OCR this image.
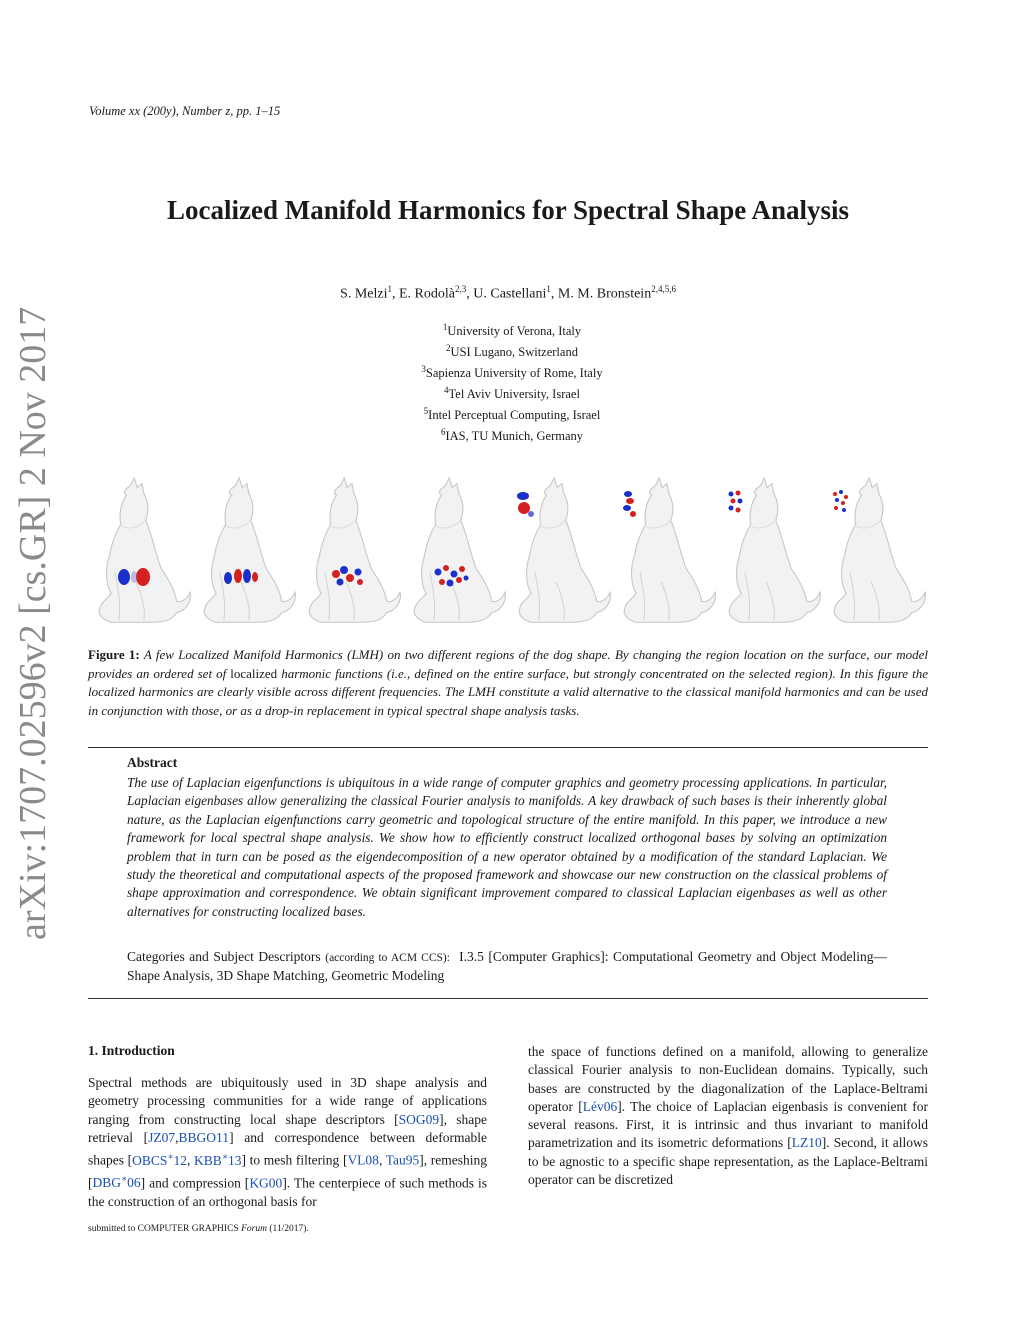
Volume xx (200y), Number z, pp. 1–15
Localized Manifold Harmonics for Spectral Shape Analysis
S. Melzi$^1$, E. Rodolà$^{2,3}$, U. Castellani$^1$, M. M. Bronstein$^{2,4,5,6}$
$^1$University of Verona, Italy
$^2$USI Lugano, Switzerland
$^3$Sapienza University of Rome, Italy
$^4$Tel Aviv University, Israel
$^5$Intel Perceptual Computing, Israel
$^6$IAS, TU Munich, Germany
arXiv:1707.02596v2 [cs.GR] 2 Nov 2017	Figure 1: A few Localized Manifold Harmonics (LMH) on two different regions of the dog shape. By changing the region location on the surface, our model provides an ordered set of localized harmonic functions (i.e., defined on the entire surface, but strongly concentrated on the selected region). In this figure the localized harmonics are clearly visible across different frequencies. The LMH constitute a valid alternative to the classical manifold harmonics and can be used in conjunction with those, or as a drop-in replacement in typical spectral shape analysis tasks.
Abstract
The use of Laplacian eigenfunctions is ubiquitous in a wide range of computer graphics and geometry processing applications. In particular, Laplacian eigenbases allow generalizing the classical Fourier analysis to manifolds. A key drawback of such bases is their inherently global nature, as the Laplacian eigenfunctions carry geometric and topological structure of the entire manifold. In this paper, we introduce a new framework for local spectral shape analysis. We show how to efficiently construct localized orthogonal bases by solving an optimization problem that in turn can be posed as the eigendecomposition of a new operator obtained by a modification of the standard Laplacian. We study the theoretical and computational aspects of the proposed framework and showcase our new construction on the classical problems of shape approximation and correspondence. We obtain significant improvement compared to classical Laplacian eigenbases as well as other alternatives for constructing localized bases.
Categories and Subject Descriptors (according to ACM CCS): I.3.5 [Computer Graphics]: Computational Geometry and Object Modeling—Shape Analysis, 3D Shape Matching, Geometric Modeling
1. Introduction
Spectral methods are ubiquitously used in 3D shape analysis and geometry processing communities for a wide range of applications ranging from constructing local shape descriptors [SOG09], shape retrieval [JZ07,BBGO11] and correspondence between deformable shapes [OBCS∗12, KBB∗13] to mesh filtering [VL08, Tau95], remeshing [DBG∗06] and compression [KG00]. The centerpiece of such methods is the construction of an orthogonal basis for
the space of functions defined on a manifold, allowing to generalize classical Fourier analysis to non-Euclidean domains. Typically, such bases are constructed by the diagonalization of the Laplace-Beltrami operator [Lév06]. The choice of Laplacian eigenbasis is convenient for several reasons. First, it is intrinsic and thus invariant to manifold parametrization and its isometric deformations [LZ10]. Second, it allows to be agnostic to a specific shape representation, as the Laplace-Beltrami operator can be discretized
submitted to COMPUTER GRAPHICS Forum (11/2017).
